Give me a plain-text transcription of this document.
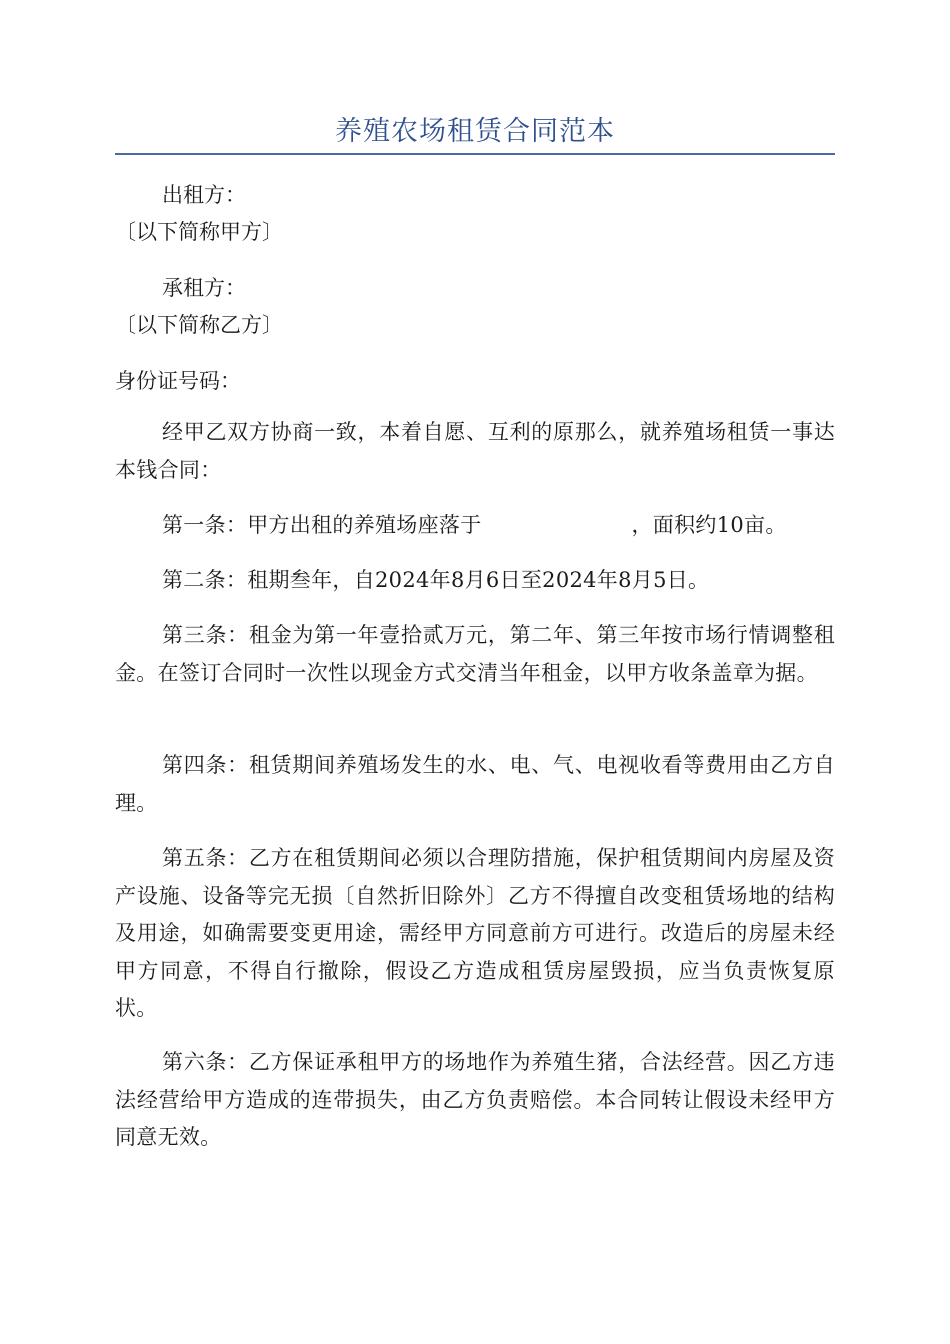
养殖农场租赁合同范本
出租方：
〔以下简称甲方〕
承租方：
〔以下简称乙方〕
身份证号码：
经甲乙双方协商一致，本着自愿、互利的原那么，就养殖场租赁一事达本钱合同：
第一条：甲方出租的养殖场座落于	，面积约10亩。
第二条：租期叁年，自2024年8月6日至2024年8月5日。
第三条：租金为第一年壹拾贰万元，第二年、第三年按市场行情调整租金。在签订合同时一次性以现金方式交清当年租金，以甲方收条盖章为据。
第四条：租赁期间养殖场发生的水、电、气、电视收看等费用由乙方自理。
第五条：乙方在租赁期间必须以合理防措施，保护租赁期间内房屋及资产设施、设备等完无损〔自然折旧除外〕乙方不得擅自改变租赁场地的结构及用途，如确需要变更用途，需经甲方同意前方可进行。改造后的房屋未经甲方同意，不得自行撤除，假设乙方造成租赁房屋毁损，应当负责恢复原状。
第六条：乙方保证承租甲方的场地作为养殖生猪，合法经营。因乙方违法经营给甲方造成的连带损失，由乙方负责赔偿。本合同转让假设未经甲方同意无效。
